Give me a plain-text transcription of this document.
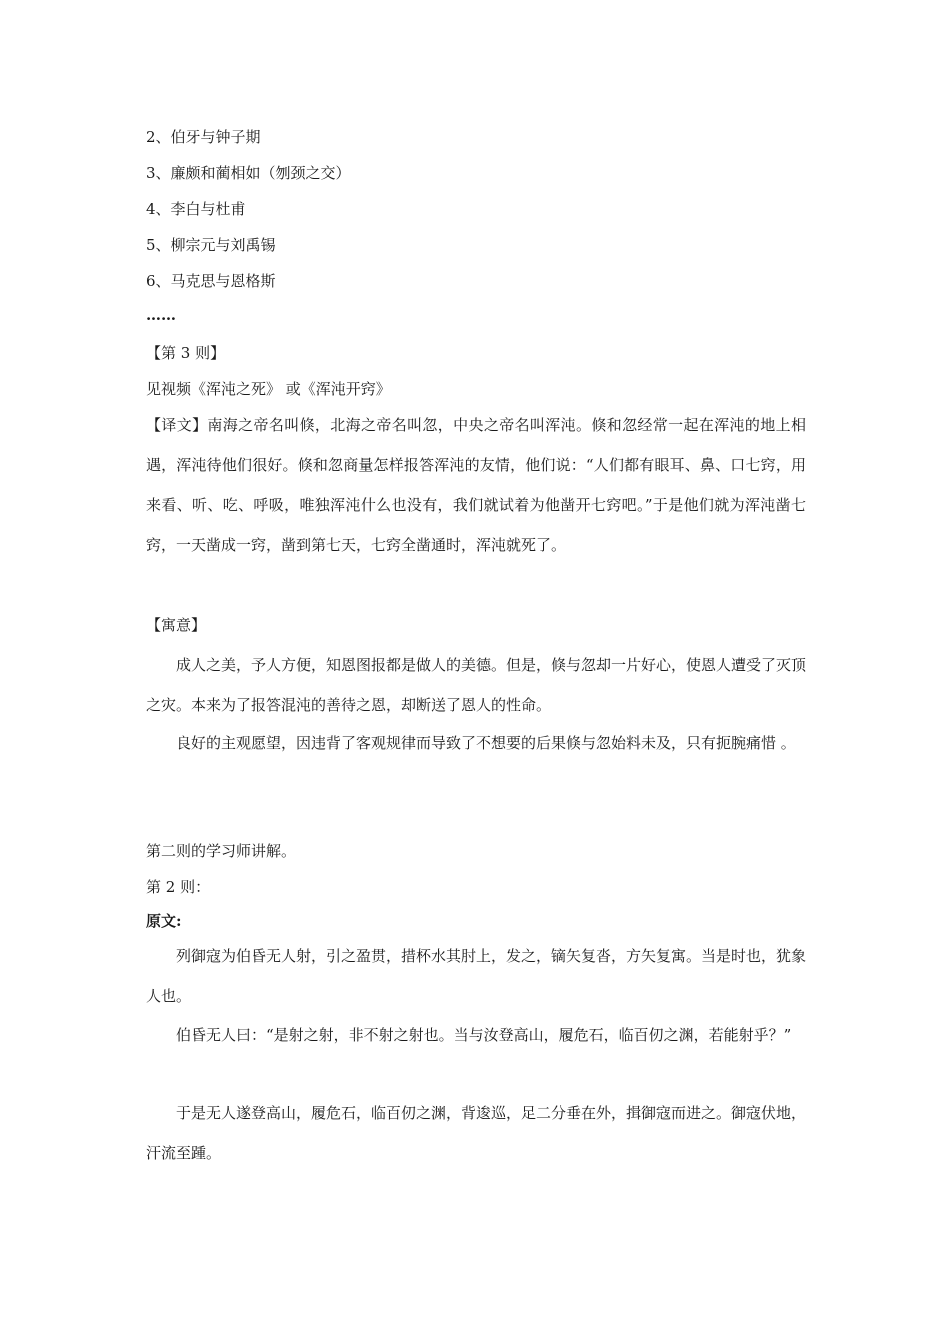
2、伯牙与钟子期
3、廉颇和蔺相如（刎颈之交）
4、李白与杜甫
5、柳宗元与刘禹锡
6、马克思与恩格斯
……
【第 3 则】
见视频《浑沌之死》 或《浑沌开窍》
【译文】南海之帝名叫倏，北海之帝名叫忽，中央之帝名叫浑沌。倏和忽经常一起在浑沌的地上相遇，浑沌待他们很好。倏和忽商量怎样报答浑沌的友情，他们说：“人们都有眼耳、鼻、口七窍，用来看、听、吃、呼吸，唯独浑沌什么也没有，我们就试着为他凿开七窍吧。”于是他们就为浑沌凿七窍，一天凿成一窍，凿到第七天，七窍全凿通时，浑沌就死了。
【寓意】
成人之美，予人方便，知恩图报都是做人的美德。但是，倏与忽却一片好心，使恩人遭受了灭顶之灾。本来为了报答混沌的善待之恩，却断送了恩人的性命。
良好的主观愿望，因违背了客观规律而导致了不想要的后果倏与忽始料未及，只有扼腕痛惜 。
第二则的学习师讲解。
第 2 则：
原文:
列御寇为伯昏无人射，引之盈贯，措杯水其肘上，发之，镝矢复沓，方矢复寓。当是时也，犹象人也。
伯昏无人曰：“是射之射，非不射之射也。当与汝登高山，履危石，临百仞之渊，若能射乎？”
于是无人遂登高山，履危石，临百仞之渊，背逡巡，足二分垂在外，揖御寇而进之。御寇伏地，汗流至踵。
